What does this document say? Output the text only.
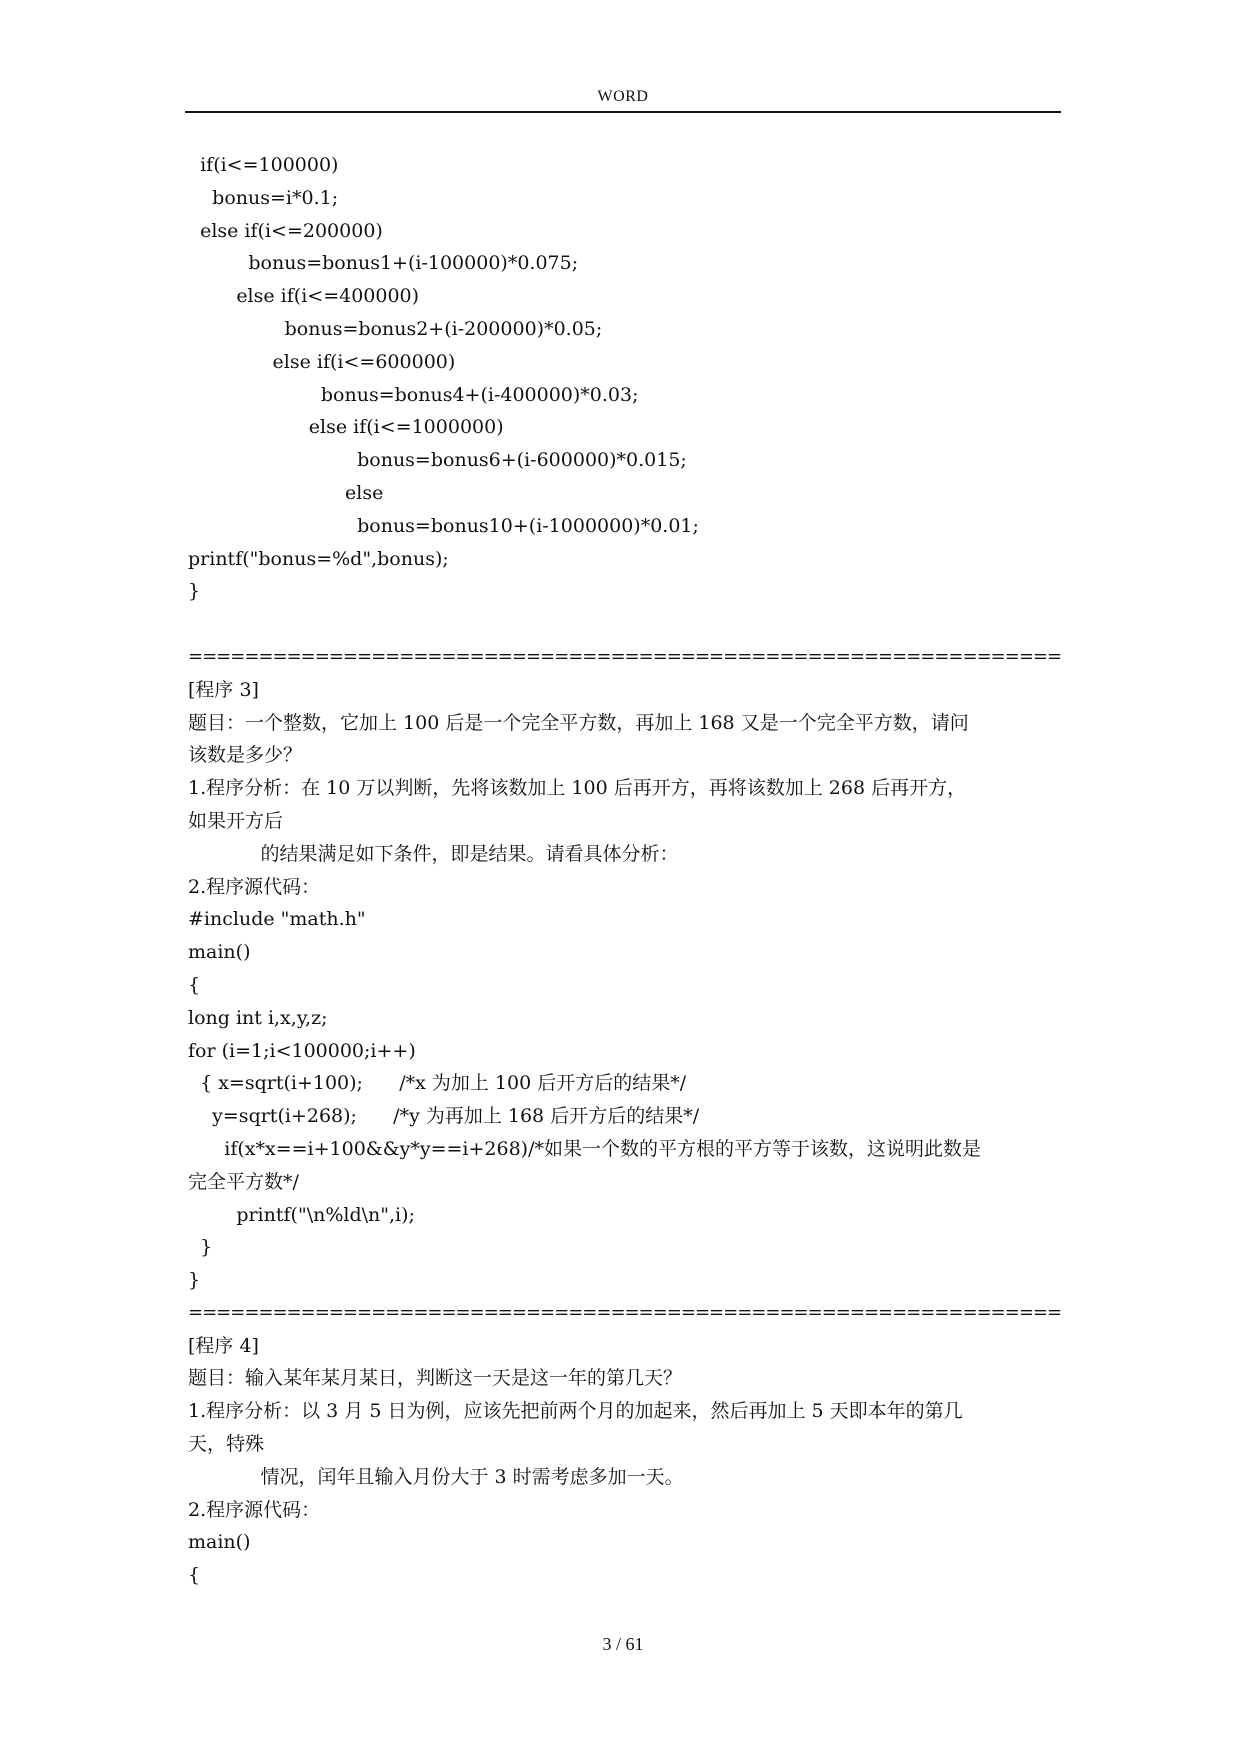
WORD
if(i<=100000)
bonus=i*0.1;
else if(i<=200000)
bonus=bonus1+(i-100000)*0.075;
else if(i<=400000)
bonus=bonus2+(i-200000)*0.05;
else if(i<=600000)
bonus=bonus4+(i-400000)*0.03;
else if(i<=1000000)
bonus=bonus6+(i-600000)*0.015;
else
bonus=bonus10+(i-1000000)*0.01;
printf("bonus=%d",bonus);
}
==============================================================
[程序 3]
题目：一个整数，它加上 100 后是一个完全平方数，再加上 168 又是一个完全平方数，请问
该数是多少？
1.程序分析：在 10 万以判断，先将该数加上 100 后再开方，再将该数加上 268 后再开方，
如果开方后
的结果满足如下条件，即是结果。请看具体分析：
2.程序源代码：
#include "math.h"
main()
{
long int i,x,y,z;
for (i=1;i<100000;i++)
{ x=sqrt(i+100);      /*x 为加上 100 后开方后的结果*/
y=sqrt(i+268);      /*y 为再加上 168 后开方后的结果*/
if(x*x==i+100&&y*y==i+268)/*如果一个数的平方根的平方等于该数，这说明此数是
完全平方数*/
printf("\n%ld\n",i);
}
}
==============================================================
[程序 4]
题目：输入某年某月某日，判断这一天是这一年的第几天？
1.程序分析：以 3 月 5 日为例，应该先把前两个月的加起来，然后再加上 5 天即本年的第几
天，特殊
情况，闰年且输入月份大于 3 时需考虑多加一天。
2.程序源代码：
main()
{
3 / 61
